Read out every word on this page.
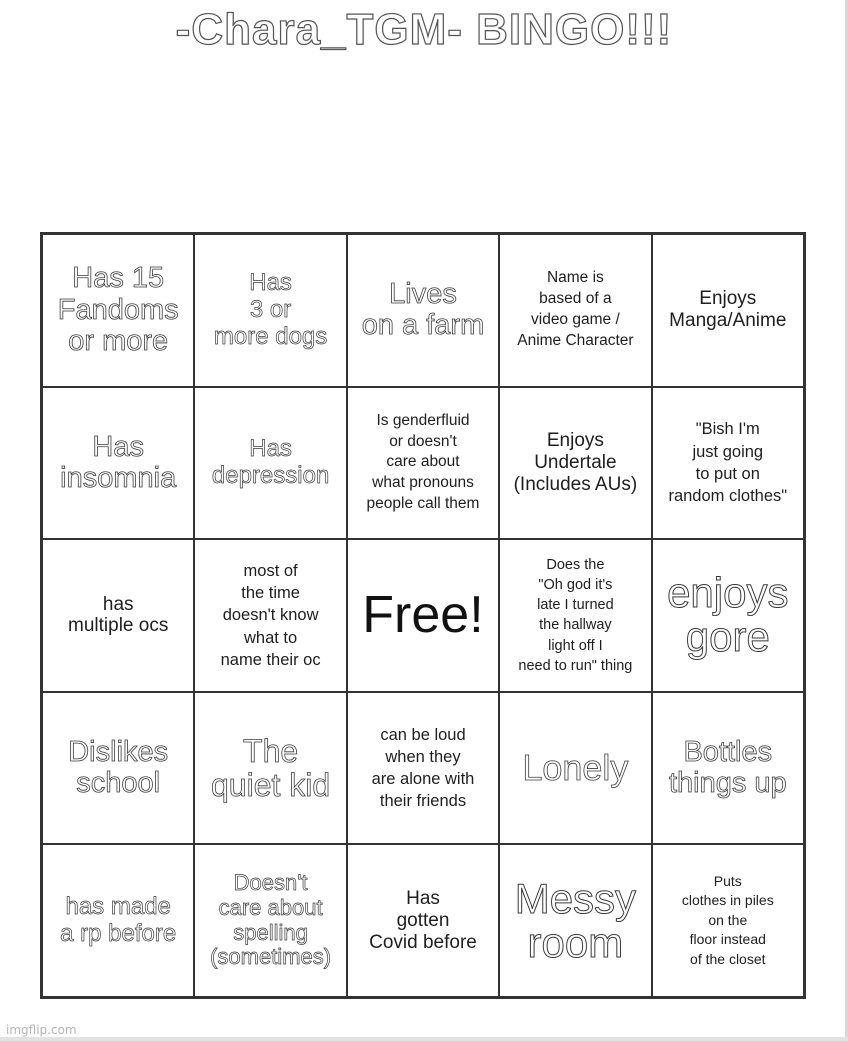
-Chara_TGM- BINGO!!!
Has 15
Fandoms
or more
Has
3 or
more dogs
Lives
on a farm
Name is
based of a
video game /
Anime Character
Enjoys
Manga/Anime
Has
insomnia
Has
depression
Is genderfluid
or doesn't
care about
what pronouns
people call them
Enjoys
Undertale
(Includes AUs)
"Bish I'm
just going
to put on
random clothes"
has
multiple ocs
most of
the time
doesn't know
what to
name their oc
Free!
Does the
"Oh god it's
late I turned
the hallway
light off I
need to run" thing
enjoys
gore
Dislikes
school
The
quiet kid
can be loud
when they
are alone with
their friends
Lonely	Bottles
things up
has made
a rp before
Doesn't
care about
spelling
(sometimes)
Has
gotten
Covid before
Messy
room
Puts
clothes in piles
on the
floor instead
of the closet
imgflip.com
